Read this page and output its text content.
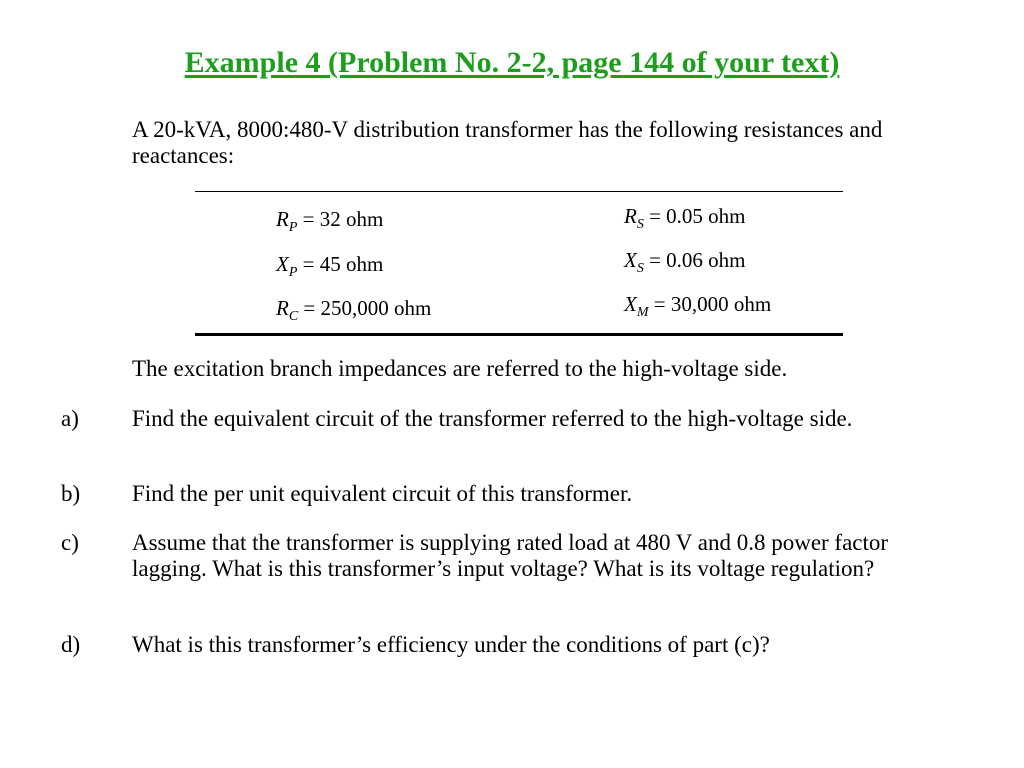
Example 4 (Problem No. 2-2, page 144 of your text)
A 20-kVA, 8000:480-V distribution transformer has the following resistances and reactances:
$R_P = 32$ ohm
$X_P = 45$ ohm
$R_C = 250,000$ ohm
$R_S = 0.05$ ohm
$X_S = 0.06$ ohm
$X_M = 30,000$ ohm
The excitation branch impedances are referred to the high-voltage side.
a) Find the equivalent circuit of the transformer referred to the high-voltage side.
b) Find the per unit equivalent circuit of this transformer.
c) Assume that the transformer is supplying rated load at 480 V and 0.8 power factor lagging. What is this transformer’s input voltage? What is its voltage regulation?
d) What is this transformer’s efficiency under the conditions of part (c)?
